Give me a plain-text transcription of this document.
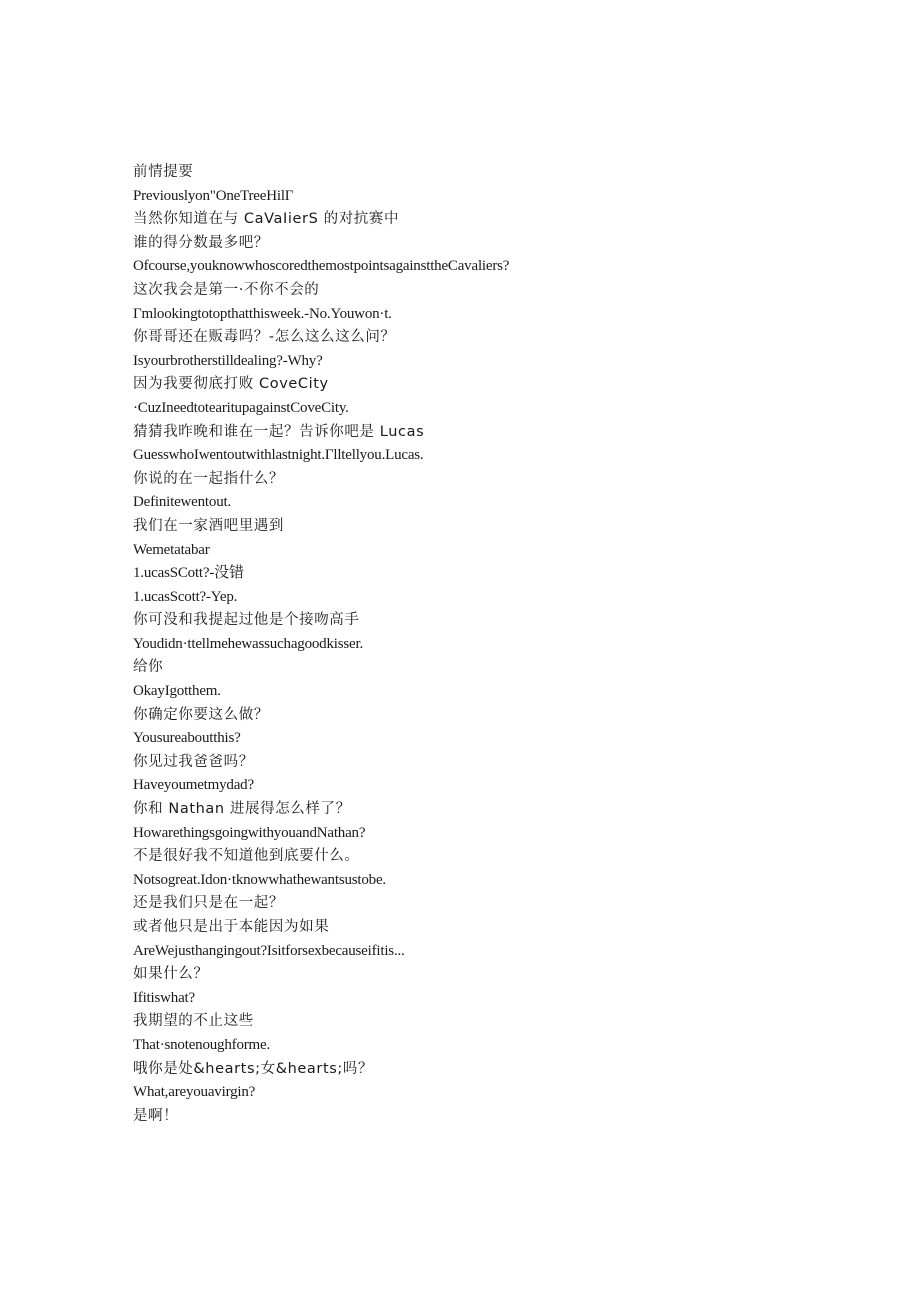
前情提要
Previouslyon"OneTreeHilΓ
当然你知道在与 CaVaIierS 的对抗赛中
谁的得分数最多吧？
Ofcourse,youknowwhoscoredthemostpointsagainsttheCavaliers?
这次我会是第一·不你不会的
Γmlookingtotopthatthisweek.-No.Youwon·t.
你哥哥还在贩毒吗？-怎么这么这么问？
Isyourbrotherstilldealing?-Why?
因为我要彻底打败 CoveCity
·CuzIneedtotearitupagainstCoveCity.
猜猜我昨晚和谁在一起？告诉你吧是 Lucas
GuesswhoIwentoutwithlastnight.Γlltellyou.Lucas.
你说的在一起指什么？
Definitewentout.
我们在一家酒吧里遇到
Wemetatabar
1.ucasSCott?-没错
1.ucasScott?-Yep.
你可没和我提起过他是个接吻高手
Youdidn·ttellmehewassuchagoodkisser.
给你
OkayIgotthem.
你确定你要这么做？
Yousureaboutthis?
你见过我爸爸吗？
Haveyoumetmydad?
你和 Nathan 进展得怎么样了？
HowarethingsgoingwithyouandNathan?
不是很好我不知道他到底要什么。
Notsogreat.Idon·tknowwhathewantsustobe.
还是我们只是在一起？
或者他只是出于本能因为如果
AreWejusthangingout?Isitforsexbecauseifitis...
如果什么？
Ifitiswhat?
我期望的不止这些
That·snotenoughforme.
哦你是处&hearts;女&hearts;吗？
What,areyouavirgin?
是啊！
